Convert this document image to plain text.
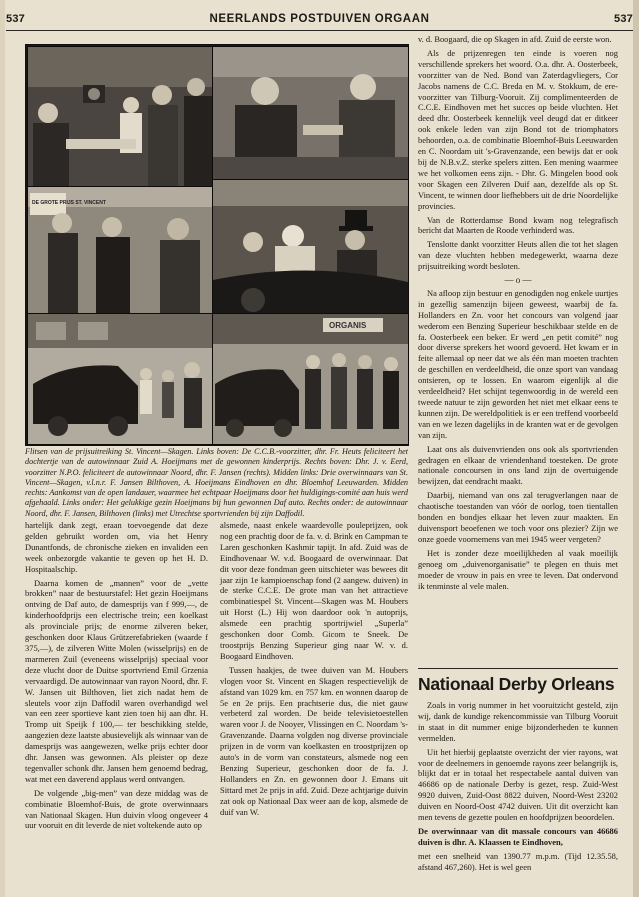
537	NEERLANDS POSTDUIVEN ORGAAN	537
DE GROTE PRIJS ST. VINCENT
ORGANIS
Flitsen van de prijsuitreiking St. Vincent—Skagen. Links boven: De C.C.B.-voorzitter, dhr. Fr. Heuts feliciteert het dochtertje van de autowinnaar Zuid A. Hoeijmans met de gewonnen kinderprijs. Rechts boven: Dhr. J. v. Eerd, voorzitter N.P.O. feliciteert de autowinnaar Noord, dhr. F. Jansen (rechts). Midden links: Drie overwinnaars van St. Vincent—Skagen, v.l.n.r. F. Jansen Bilthoven, A. Hoeijmans Eindhoven en dhr. Bloemhof Leeuwarden. Midden rechts: Aankomst van de open landauer, waarmee het echtpaar Hoeijmans door het huldigings-comité aan huis werd afgehaald. Links onder: Het gelukkige gezin Hoeijmans bij hun gewonnen Daf auto. Rechts onder: de autowinnaar Noord, dhr. F. Jansen, Bilthoven (links) met Utrechtse sportvrienden bij zijn Daffodil.

hartelijk dank zegt, eraan toevoegende dat deze gelden gebruikt worden om, via het Henry Dunantfonds, de chronische zieken en invaliden een week onbezorgde vakantie te geven op het H. D. Hospitaalschip.

Daarna komen de „mannen” voor de „vette brokken” naar de bestuurstafel: Het gezin Hoeijmans ontving de Daf auto, de damesprijs van f 999,—, de kinderhoofdprijs een electrische trein; een koelkast als provinciale prijs; de enorme zilveren beker, geschonken door Klaus Grützerefabrieken (waarde f 375,—), de zilveren Witte Molen (wisselprijs) en de marmeren Zuil (eveneens wisselprijs) speciaal voor deze vlucht door de Duitse sportvriend Emil Grzenia vervaardigd. De autowinnaar van rayon Noord, dhr. F. W. Jansen uit Bilthoven, liet zich nadat hem de sleutels voor zijn Daffodil waren overhandigd wel van een zeer sportieve kant zien toen hij aan dhr. H. Tromp uit Speijk f 100,— ter beschikking stelde, aangezien deze laatste abusievelijk als winnaar van de damesprijs was aangewezen, welke prijs echter door dhr. Jansen was gewonnen. Als pleister op deze tegenvaller schonk dhr. Jansen hem genoemd bedrag, wat met een daverend applaus werd ontvangen.

De volgende „big-men” van deze middag was de combinatie Bloemhof-Buis, de grote overwinnaars van Nationaal Skagen. Hun duivin vloog ongeveer 4 uur vooruit en dit leverde de niet voltekende auto op

alsmede, naast enkele waardevolle pouleprijzen, ook nog een prachtig door de fa. v. d. Brink en Campman te Laren geschonken Kashmir tapijt. In afd. Zuid was de Eindhovenaar W. v.d. Boogaard de overwinnaar. Dat dit voor deze fondman geen uitschieter was bewees dit jaar zijn 1e kampioenschap fond (2 aangew. duiven) in de sterke C.C.E. De grote man van het attractieve combinatiespel St. Vincent—Skagen was M. Houbers uit Horst (L.) Hij won daardoor ook 'n autoprijs, alsmede een prachtig sportrijwiel „Superla” geschonken door Comb. Gicom te Sneek. De troostprijs Benzing Superieur ging naar W. v. d. Boogaard Eindhoven.

Tussen haakjes, de twee duiven van M. Houbers vlogen voor St. Vincent en Skagen respectievelijk de afstand van 1029 km. en 757 km. en wonnen daarop de 5e en 2e prijs. Een prachtserie dus, die niet gauw verbeterd zal worden. De beide televisietoestellen waren voor J. de Nooyer, Vlissingen en C. Noordam 's-Gravenzande. Daarna volgden nog diverse provinciale prijzen in de vorm van koelkasten en troostprijzen op auto's in de vorm van constateurs, alsmede nog een Benzing Superieur, geschonken door de fa. J. Hollanders en Zn. en gewonnen door J. Emans uit Sittard met 2e prijs in afd. Zuid. Deze achtjarige duivin zat ook op Nationaal Dax weer aan de kop, alsmede de duif van W.

v. d. Boogaard, die op Skagen in afd. Zuid de eerste won.

Als de prijzenregen ten einde is voeren nog verschillende sprekers het woord. O.a. dhr. A. Oosterbeek, voorzitter van de Ned. Bond van Zaterdagvliegers, Cor Jacobs namens de C.C. Breda en M. v. Stokkum, de ere-voorzitter van Tilburg-Vooruit. Zij complimenteerden de C.C.E. Eindhoven met het succes op beide vluchten. Het deed dhr. Oosterbeek kennelijk veel deugd dat er ditkeer ook enkele leden van zijn Bond tot de triomphators behoorden, o.a. de combinatie Bloemhof-Buis Leeuwarden en C. Noordam uit 's-Gravenzande, een bewijs dat er ook bij de N.B.v.Z. sterke spelers zitten. Een mening waarmee we het volkomen eens zijn. - Dhr. G. Mingelen bood ook voor Skagen een Zilveren Duif aan, dezelfde als op St. Vincent, te winnen door liefhebbers uit de drie Noordelijke provincies.

Van de Rotterdamse Bond kwam nog telegrafisch bericht dat Maarten de Roode verhinderd was.

Tenslotte dankt voorzitter Heuts allen die tot het slagen van deze vluchten hebben medegewerkt, waarna deze prijsuitreiking wordt besloten.

— o —

Na afloop zijn bestuur en genodigden nog enkele uurtjes in gezellig samenzijn bijeen geweest, waarbij de fa. Hollanders en Zn. voor het concours van volgend jaar wederom een Benzing Superieur beschikbaar stelde en de fa. Oosterbeek een beker. Er werd „en petit comité” nog door diverse sprekers het woord gevoerd. Het kwam er in feite allemaal op neer dat we als één man moeten trachten de geschillen en verdeeldheid, die onze sport van vandaag ontsieren, op te lossen. En waarom eigenlijk al die verdeeldheid? Het schijnt tegenwoordig in de wereld een tweede natuur te zijn geworden het niet met elkaar eens te kunnen zijn. De wereldpolitiek is er een treffend voorbeeld van en we lezen dagelijks in de kranten wat er de gevolgen van zijn.

Laat ons als duivenvrienden ons ook als sportvrienden gedragen en elkaar de vriendenhand toesteken. De grote nationale concoursen in ons land zijn de overtuigende bewijzen, dat eendracht maakt.

Daarbij, niemand van ons zal terugverlangen naar de chaotische toestanden van vóór de oorlog, toen tientallen bonden en bondjes elkaar het leven zuur maakten. En duivensport beoefenen we toch voor ons plezier? Zijn we onze goede voornemens van mei 1945 weer vergeten?

Het is zonder deze moeilijkheden al vaak moeilijk genoeg om „duivenorganisatie” te plegen en thuis met moeder de vrouw in pais en vree te leven. Dat ondervond ik tenminste al vele malen.

Nationaal Derby Orleans

Zoals in vorig nummer in het vooruitzicht gesteld, zijn wij, dank de kundige rekencommissie van Tilburg Vooruit in staat in dit nummer enige bijzonderheden te kunnen vermelden.

Uit het hierbij geplaatste overzicht der vier rayons, wat voor de deelnemers in genoemde rayons zeer belangrijk is, blijkt dat er in totaal het respectabele aantal duiven van 46686 op de nationale Derby is gezet, resp. Zuid-West 9920 duiven, Zuid-Oost 8822 duiven, Noord-West 23202 duiven en Noord-Oost 4742 duiven. Uit dit overzicht kan men tevens de gezette poulen en hoofdprijzen beoordelen.

De overwinnaar van dit massale concours van 46686 duiven is dhr. A. Klaassen te Eindhoven,

met een snelheid van 1390.77 m.p.m. (Tijd 12.35.58, afstand 467,260). Het is wel geen
